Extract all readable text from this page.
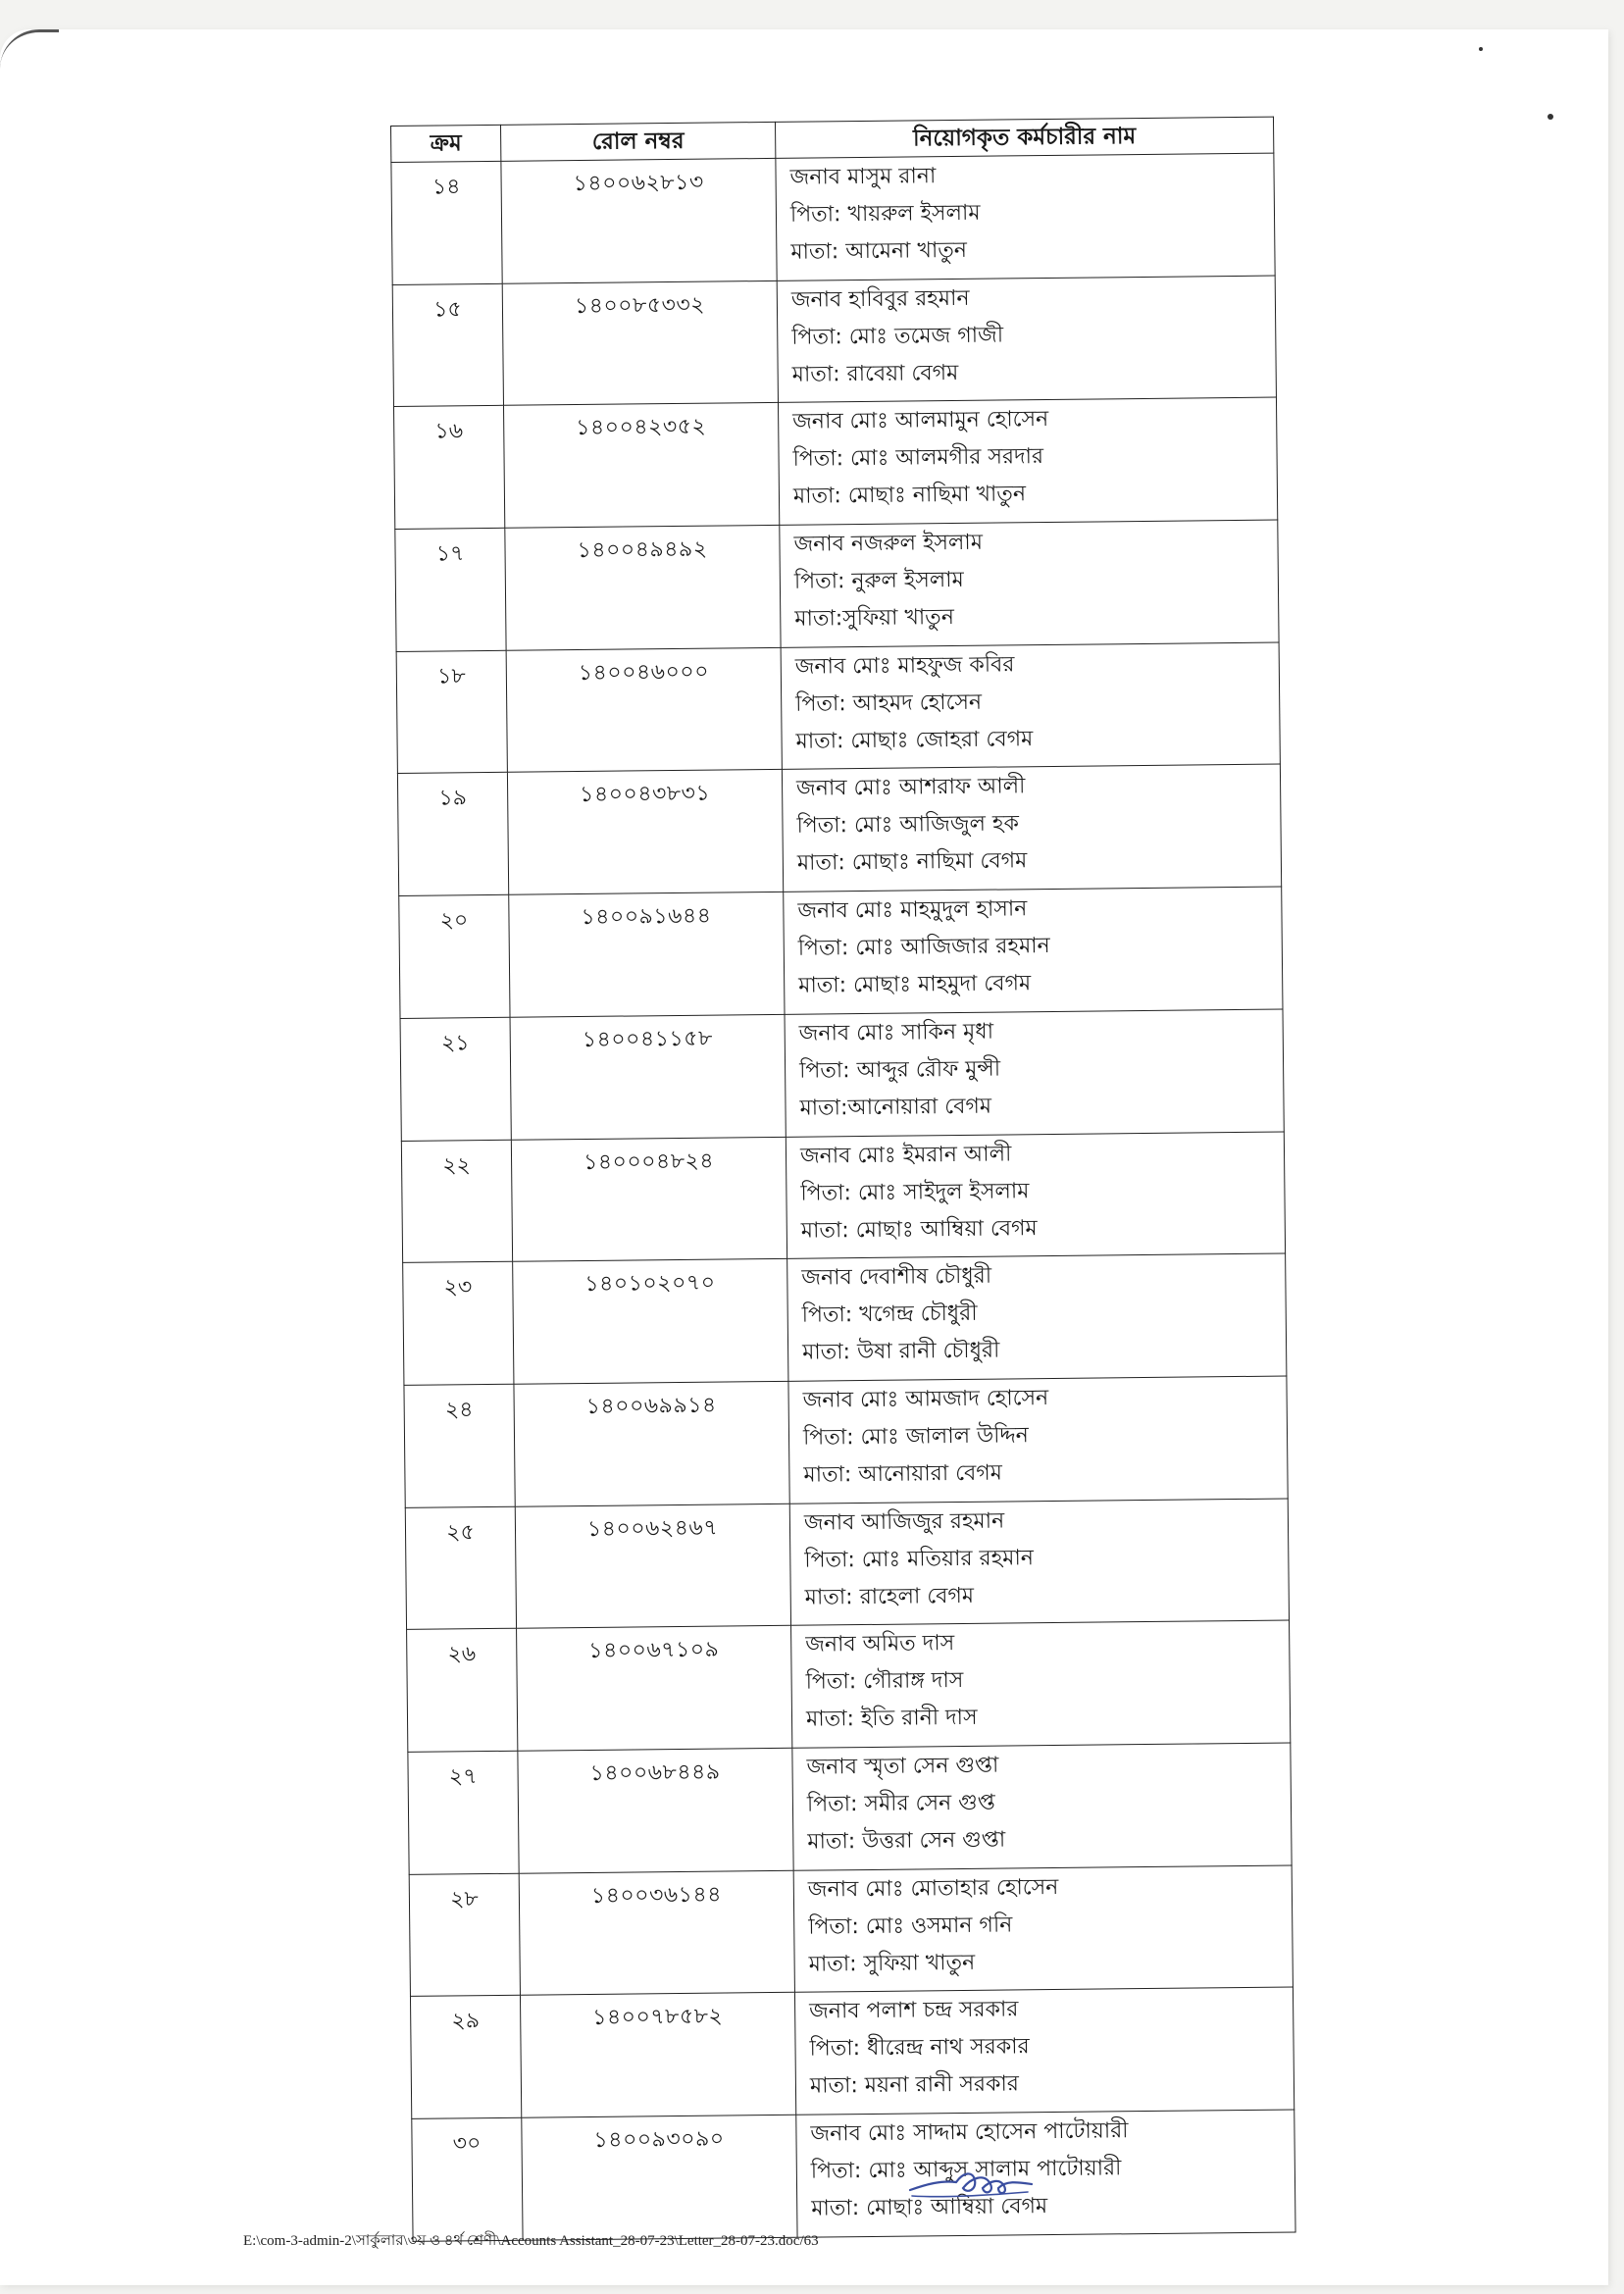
ক্রম	রোল নম্বর	নিয়োগকৃত কর্মচারীর নাম
১৪	১৪০০৬২৮১৩	জনাব মাসুম রানা
পিতা: খায়রুল ইসলাম
মাতা: আমেনা খাতুন

১৫	১৪০০৮৫৩৩২	জনাব হাবিবুর রহমান
পিতা: মোঃ তমেজ গাজী
মাতা: রাবেয়া বেগম

১৬	১৪০০৪২৩৫২	জনাব মোঃ আলমামুন হোসেন
পিতা: মোঃ আলমগীর সরদার
মাতা: মোছাঃ নাছিমা খাতুন

১৭	১৪০০৪৯৪৯২	জনাব নজরুল ইসলাম
পিতা: নুরুল ইসলাম
মাতা:সুফিয়া খাতুন

১৮	১৪০০৪৬০০০	জনাব মোঃ মাহফুজ কবির
পিতা: আহমদ হোসেন
মাতা: মোছাঃ জোহরা বেগম

১৯	১৪০০৪৩৮৩১	জনাব মোঃ আশরাফ আলী
পিতা: মোঃ আজিজুল হক
মাতা: মোছাঃ নাছিমা বেগম

২০	১৪০০৯১৬৪৪	জনাব মোঃ মাহমুদুল হাসান
পিতা: মোঃ আজিজার রহমান
মাতা: মোছাঃ মাহমুদা বেগম

২১	১৪০০৪১১৫৮	জনাব মোঃ সাকিন মৃধা
পিতা: আব্দুর রৌফ মুন্সী
মাতা:আনোয়ারা বেগম

২২	১৪০০০৪৮২৪	জনাব মোঃ ইমরান আলী
পিতা: মোঃ সাইদুল ইসলাম
মাতা: মোছাঃ আম্বিয়া বেগম

২৩	১৪০১০২০৭০	জনাব দেবাশীষ চৌধুরী
পিতা: খগেন্দ্র চৌধুরী
মাতা: উষা রানী চৌধুরী

২৪	১৪০০৬৯৯১৪	জনাব মোঃ আমজাদ হোসেন
পিতা: মোঃ জালাল উদ্দিন
মাতা: আনোয়ারা বেগম

২৫	১৪০০৬২৪৬৭	জনাব আজিজুর রহমান
পিতা: মোঃ মতিয়ার রহমান
মাতা: রাহেলা বেগম

২৬	১৪০০৬৭১০৯	জনাব অমিত দাস
পিতা: গৌরাঙ্গ দাস
মাতা: ইতি রানী দাস

২৭	১৪০০৬৮৪৪৯	জনাব স্মৃতা সেন গুপ্তা
পিতা: সমীর সেন গুপ্ত
মাতা: উত্তরা সেন গুপ্তা

২৮	১৪০০৩৬১৪৪	জনাব মোঃ মোতাহার হোসেন
পিতা: মোঃ ওসমান গনি
মাতা: সুফিয়া খাতুন

২৯	১৪০০৭৮৫৮২	জনাব পলাশ চন্দ্র সরকার
পিতা: ধীরেন্দ্র নাথ সরকার
মাতা: ময়না রানী সরকার

৩০	১৪০০৯৩০৯০	জনাব মোঃ সাদ্দাম হোসেন পাটোয়ারী
পিতা: মোঃ আব্দুস সালাম পাটোয়ারী
মাতা: মোছাঃ আম্বিয়া বেগম
E:\com-3-admin-2\সার্কুলার\৩য় ও ৪র্থ শ্রেণী\Accounts Assistant_28-07-23\Letter_28-07-23.doc/63
